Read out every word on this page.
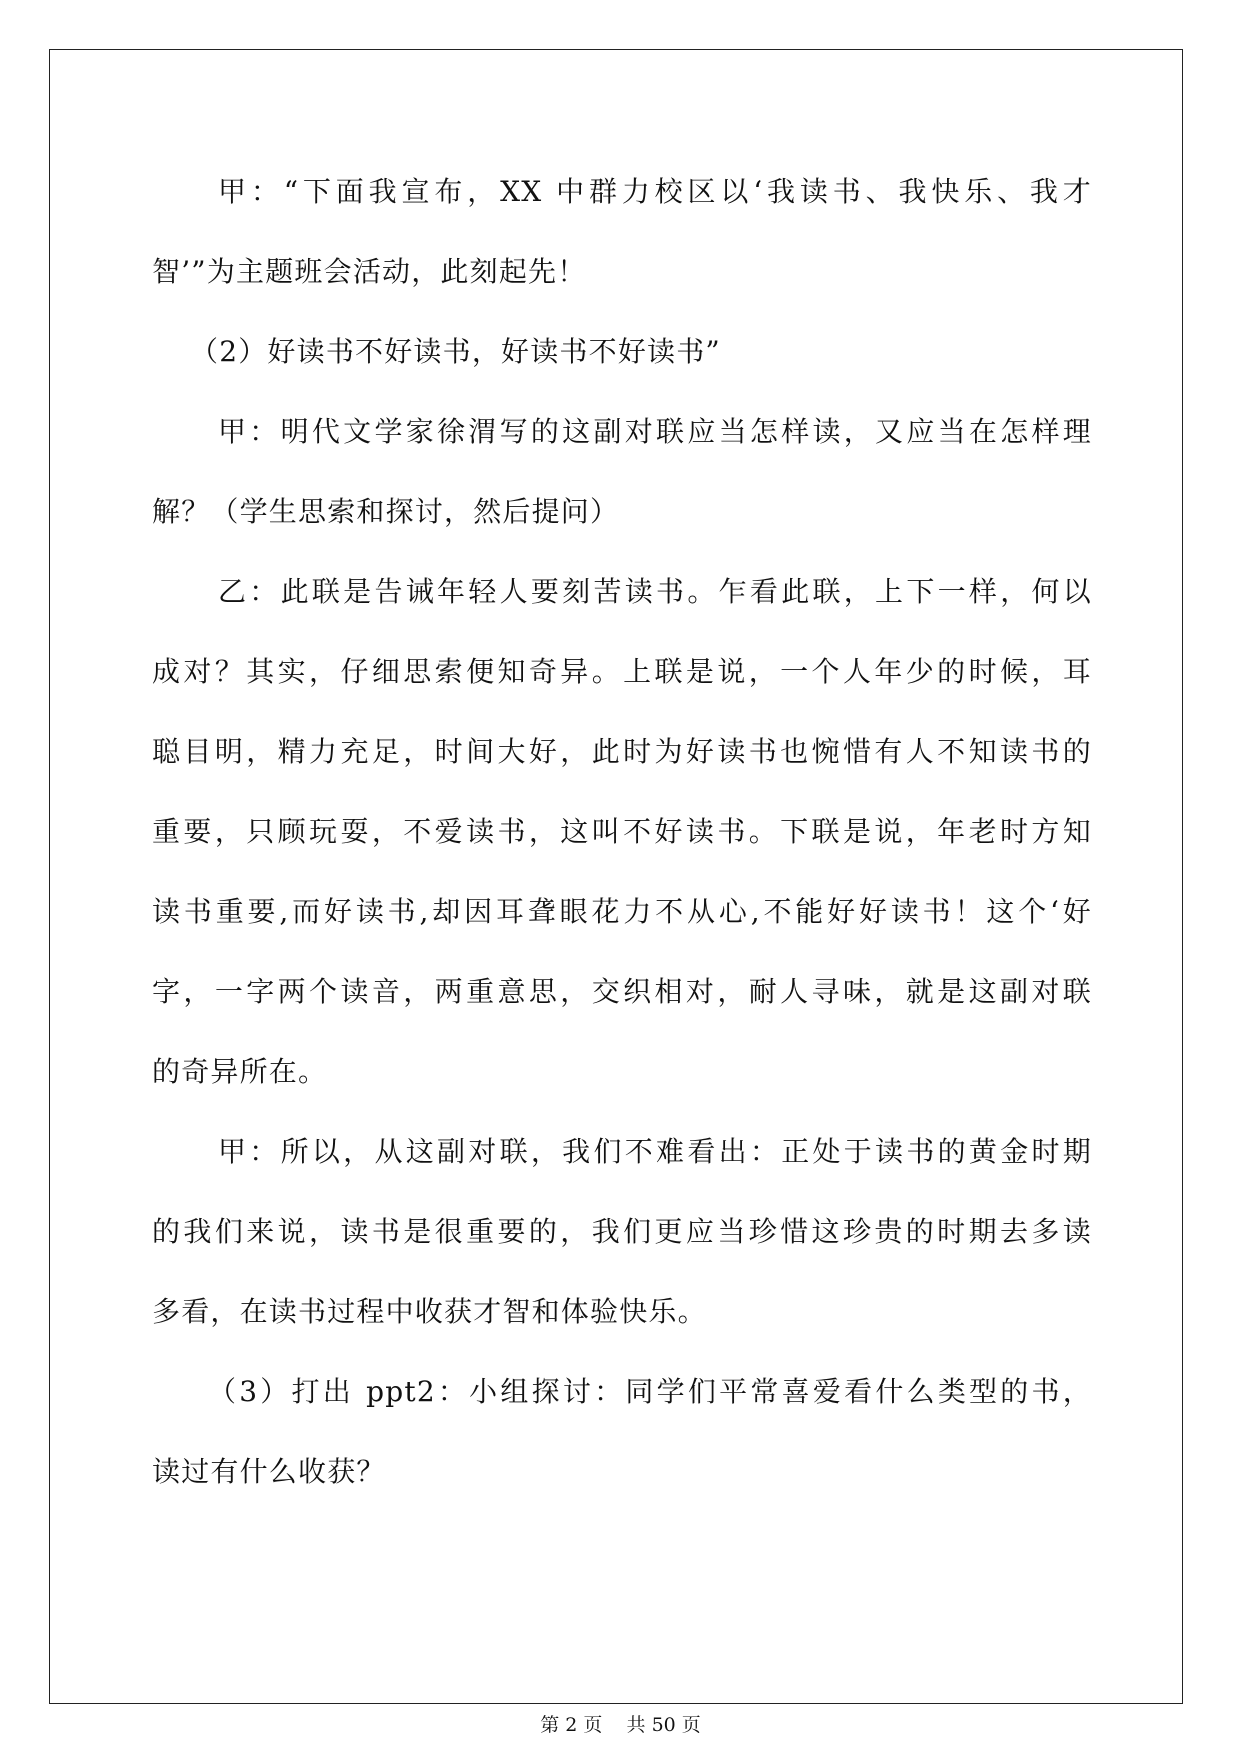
甲：“下面我宣布，XX 中群力校区以‘我读书、我快乐、我才
智’”为主题班会活动，此刻起先！
（2）好读书不好读书，好读书不好读书”
甲：明代文学家徐渭写的这副对联应当怎样读，又应当在怎样理
解？（学生思索和探讨，然后提问）
乙：此联是告诫年轻人要刻苦读书。乍看此联，上下一样，何以
成对？其实，仔细思索便知奇异。上联是说，一个人年少的时候，耳
聪目明，精力充足，时间大好，此时为好读书也惋惜有人不知读书的
重要，只顾玩耍，不爱读书，这叫不好读书。下联是说，年老时方知
读书重要,而好读书,却因耳聋眼花力不从心,不能好好读书！这个‘好
字，一字两个读音，两重意思，交织相对，耐人寻味，就是这副对联
的奇异所在。
甲：所以，从这副对联，我们不难看出：正处于读书的黄金时期
的我们来说，读书是很重要的，我们更应当珍惜这珍贵的时期去多读
多看，在读书过程中收获才智和体验快乐。
（3）打出 ppt2：小组探讨：同学们平常喜爱看什么类型的书，
读过有什么收获？
第 2 页    共 50 页
